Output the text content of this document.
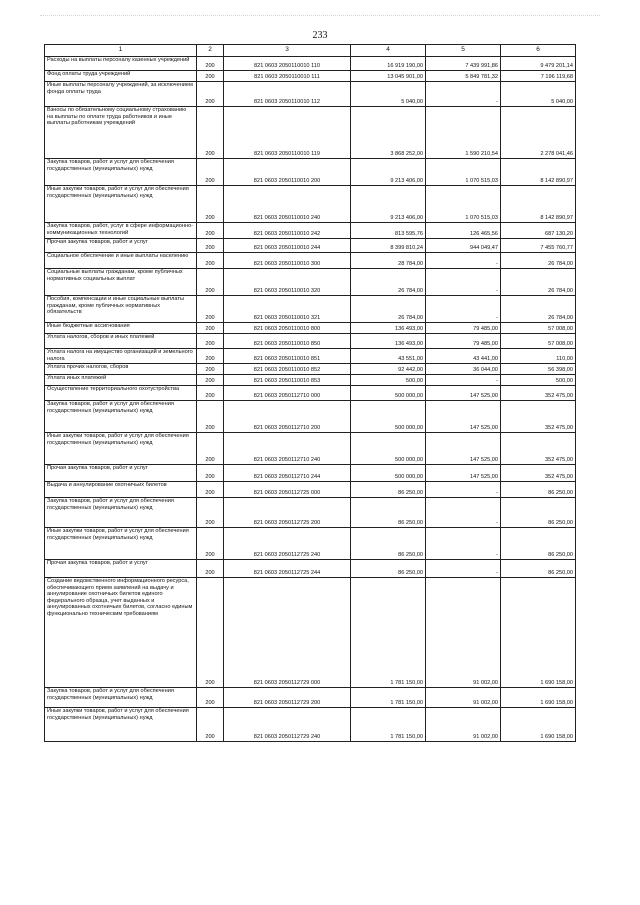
233
1	2	3	4	5	6
Расходы на выплаты персоналу казенных учреждений	200	821 0603 2050110010 110	16 919 190,00	7 439 991,86	9 479 201,14
Фонд оплаты труда учреждений	200	821 0603 2050110010 111	13 045 901,00	5 849 781,32	7 196 119,68
Иные выплаты персоналу учреждений, за исключением фонда оплаты труда	200	821 0603 2050110010 112	5 040,00	-	5 040,00
Взносы по обязательному социальному страхованию на выплаты по оплате труда работников и иные выплаты работникам учреждений	200	821 0603 2050110010 119	3 868 252,00	1 590 210,54	2 278 041,46
Закупка товаров, работ и услуг для обеспечения государственных (муниципальных) нужд	200	821 0603 2050110010 200	9 213 406,00	1 070 515,03	8 142 890,97
Иные закупки товаров, работ и услуг для обеспечения государственных (муниципальных) нужд	200	821 0603 2050110010 240	9 213 406,00	1 070 515,03	8 142 890,97
Закупка товаров, работ, услуг в сфере информационно-коммуникационных технологий	200	821 0603 2050110010 242	813 595,76	126 465,56	687 130,20
Прочая закупка товаров, работ и услуг	200	821 0603 2050110010 244	8 399 810,24	944 049,47	7 455 760,77
Социальное обеспечение и иные выплаты населению	200	821 0603 2050110010 300	28 784,00	-	26 784,00
Социальные выплаты гражданам, кроме публичных нормативных социальных выплат	200	821 0603 2050110010 320	26 784,00	-	26 784,00
Пособия, компенсации и иные социальные выплаты гражданам, кроме публичных нормативных обязательств	200	821 0603 2050110010 321	26 784,00	-	26 784,00
Иные бюджетные ассигнования	200	821 0603 2050110010 800	136 493,00	79 485,00	57 008,00
Уплата налогов, сборов и иных платежей	200	821 0603 2050110010 850	136 493,00	79 485,00	57 008,00
Уплата налога на имущество организаций и земельного налога	200	821 0603 2050110010 851	43 551,00	43 441,00	110,00
Уплата прочих налогов, сборов	200	821 0603 2050110010 852	92 442,00	36 044,00	56 398,00
Уплата иных платежей	200	821 0603 2050110010 853	500,00	-	500,00
Осуществление территориального охотустройства	200	821 0603 2050112710 000	500 000,00	147 525,00	352 475,00
Закупка товаров, работ и услуг для обеспечения государственных (муниципальных) нужд	200	821 0603 2050112710 200	500 000,00	147 525,00	352 475,00
Иные закупки товаров, работ и услуг для обеспечения государственных (муниципальных) нужд	200	821 0603 2050112710 240	500 000,00	147 525,00	352 475,00
Прочая закупка товаров, работ и услуг	200	821 0603 2050112710 244	500 000,00	147 525,00	352 475,00
Выдача и аннулирование охотничьих билетов	200	821 0603 2050112725 000	86 250,00	-	86 250,00
Закупка товаров, работ и услуг для обеспечения государственных (муниципальных) нужд	200	821 0603 2050112725 200	86 250,00	-	86 250,00
Иные закупки товаров, работ и услуг для обеспечения государственных (муниципальных) нужд	200	821 0603 2050112725 240	86 250,00	-	86 250,00
Прочая закупка товаров, работ и услуг	200	821 0603 2050112725 244	86 250,00	-	86 250,00
Создание ведомственного информационного ресурса, обеспечивающего прием заявлений на выдачу и аннулирование охотничьих билетов единого федерального образца, учет выданных и аннулированных охотничьих билетов, согласно единым функционально техническим требованиям	200	821 0603 2050112729 000	1 781 150,00	91 002,00	1 690 158,00
Закупка товаров, работ и услуг для обеспечения государственных (муниципальных) нужд	200	821 0603 2050112729 200	1 781 150,00	91 002,00	1 690 158,00
Иные закупки товаров, работ и услуг для обеспечения государственных (муниципальных) нужд	200	821 0603 2050112729 240	1 781 150,00	91 002,00	1 690 158,00
